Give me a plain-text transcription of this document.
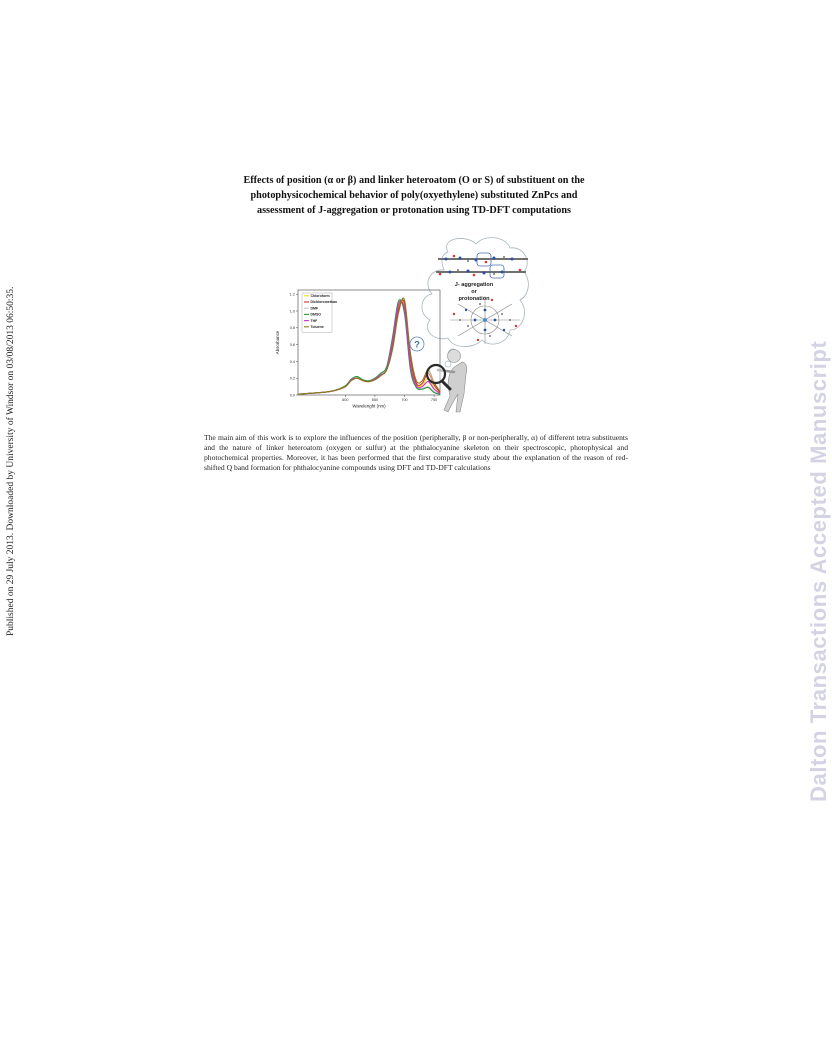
Published on 29 July 2013. Downloaded by University of Windsor on 03/08/2013 06:50:35.	Dalton Transactions Accepted Manuscript
Effects of position (α or β) and linker heteroatom (O or S) of substituent on the
photophysicochemical behavior of poly(oxyethylene) substituted ZnPcs and
assessment of J-aggregation or protonation using TD-DFT computations
J- aggregation
or
protonation
0.0
0.2
0.4
0.6
0.8
1.0
1.2
600	650	700	750
Wavelenght (nm)
Absorbance
Chloroform
Dichloromethan
DMF
DMSO
THF
Toluene
?
The main aim of this work is to explore the influences of the position (peripherally, β or non-peripherally, α) of different tetra substituents and the nature of linker heteroatom (oxygen or sulfur) at the phthalocyanine skeleton on their spectroscopic, photophysical and photochemical properties. Moreover, it has been performed that the first comparative study about the explanation of the reason of red-shifted Q band formation for phthalocyanine compounds using DFT and TD-DFT calculations
